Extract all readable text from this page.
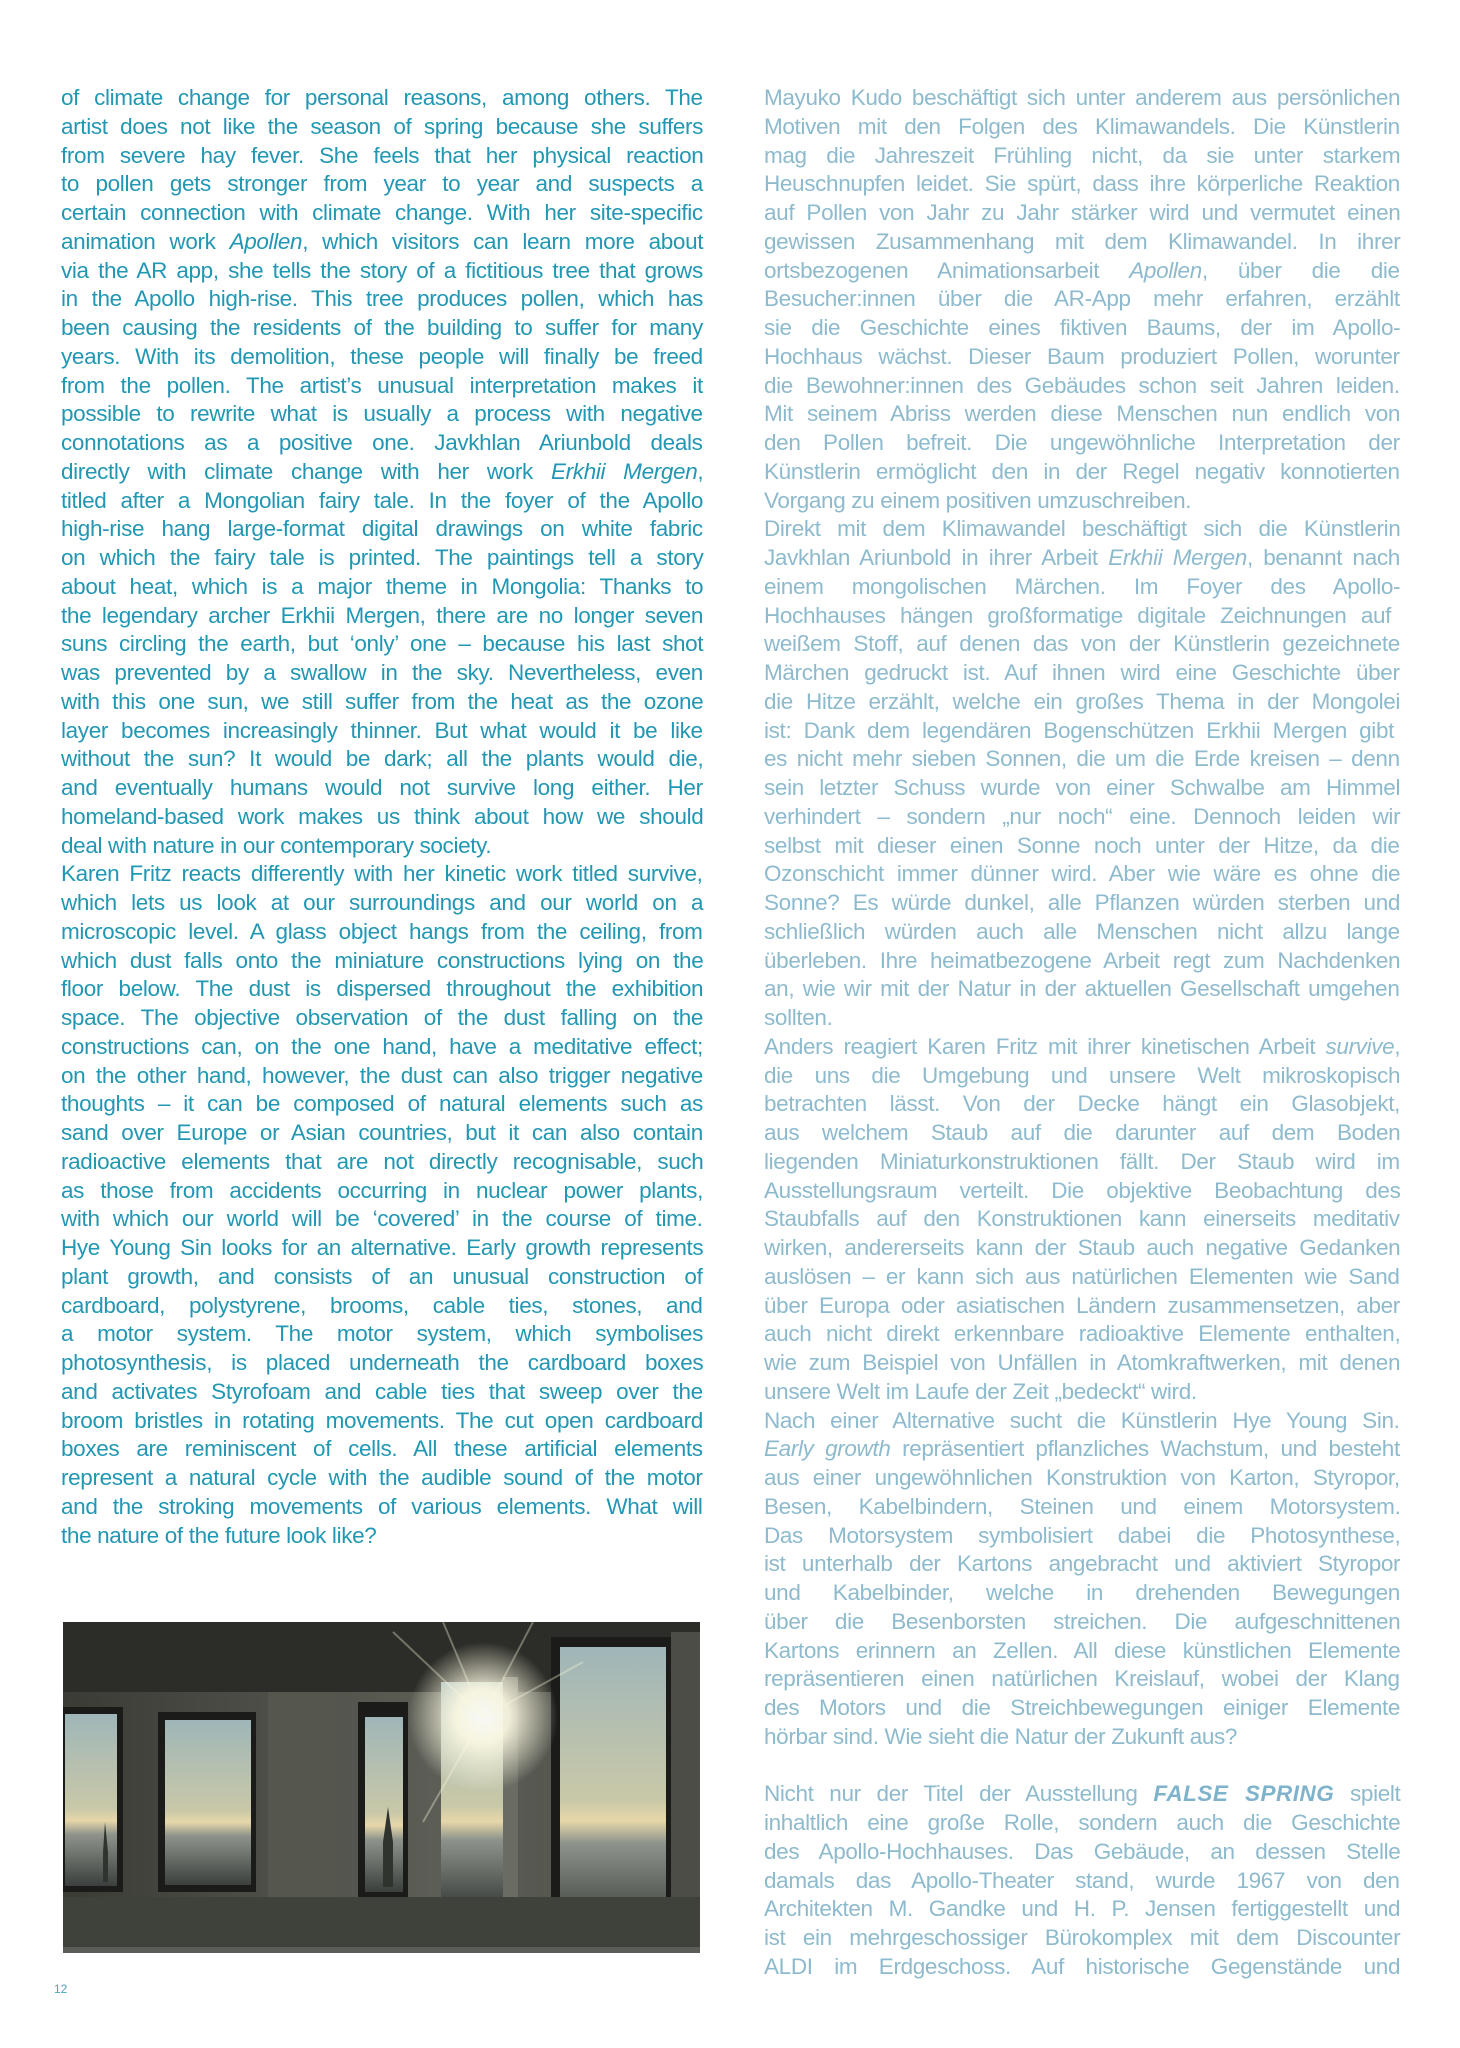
of climate change for personal reasons, among others. The
artist does not like the season of spring because she suffers
from severe hay fever. She feels that her physical reaction
to pollen gets stronger from year to year and suspects a
certain connection with climate change. With her site-specific
animation work Apollen, which visitors can learn more about
via the AR app, she tells the story of a fictitious tree that grows
in the Apollo high-rise. This tree produces pollen, which has
been causing the residents of the building to suffer for many
years. With its demolition, these people will finally be freed
from the pollen. The artist’s unusual interpretation makes it
possible to rewrite what is usually a process with negative
connotations as a positive one. Javkhlan Ariunbold deals
directly with climate change with her work Erkhii Mergen,
titled after a Mongolian fairy tale. In the foyer of the Apollo
high-rise hang large-format digital drawings on white fabric
on which the fairy tale is printed. The paintings tell a story
about heat, which is a major theme in Mongolia: Thanks to
the legendary archer Erkhii Mergen, there are no longer seven
suns circling the earth, but ‘only’ one – because his last shot
was prevented by a swallow in the sky. Nevertheless, even
with this one sun, we still suffer from the heat as the ozone
layer becomes increasingly thinner. But what would it be like
without the sun? It would be dark; all the plants would die,
and eventually humans would not survive long either. Her
homeland-based work makes us think about how we should
deal with nature in our contemporary society.
Karen Fritz reacts differently with her kinetic work titled survive,
which lets us look at our surroundings and our world on a
microscopic level. A glass object hangs from the ceiling, from
which dust falls onto the miniature constructions lying on the
floor below. The dust is dispersed throughout the exhibition
space. The objective observation of the dust falling on the
constructions can, on the one hand, have a meditative effect;
on the other hand, however, the dust can also trigger negative
thoughts – it can be composed of natural elements such as
sand over Europe or Asian countries, but it can also contain
radioactive elements that are not directly recognisable, such
as those from accidents occurring in nuclear power plants,
with which our world will be ‘covered’ in the course of time.
Hye Young Sin looks for an alternative. Early growth represents
plant growth, and consists of an unusual construction of
cardboard, polystyrene, brooms, cable ties, stones, and
a motor system. The motor system, which symbolises
photosynthesis, is placed underneath the cardboard boxes
and activates Styrofoam and cable ties that sweep over the
broom bristles in rotating movements. The cut open cardboard
boxes are reminiscent of cells. All these artificial elements
represent a natural cycle with the audible sound of the motor
and the stroking movements of various elements. What will
the nature of the future look like?
Mayuko Kudo beschäftigt sich unter anderem aus persönlichen
Motiven mit den Folgen des Klimawandels. Die Künstlerin
mag die Jahreszeit Frühling nicht, da sie unter starkem
Heuschnupfen leidet. Sie spürt, dass ihre körperliche Reaktion
auf Pollen von Jahr zu Jahr stärker wird und vermutet einen
gewissen Zusammenhang mit dem Klimawandel. In ihrer
ortsbezogenen Animationsarbeit Apollen, über die die
Besucher:innen über die AR-App mehr erfahren, erzählt
sie die Geschichte eines fiktiven Baums, der im Apollo-
Hochhaus wächst. Dieser Baum produziert Pollen, worunter
die Bewohner:innen des Gebäudes schon seit Jahren leiden.
Mit seinem Abriss werden diese Menschen nun endlich von
den Pollen befreit. Die ungewöhnliche Interpretation der
Künstlerin ermöglicht den in der Regel negativ konnotierten
Vorgang zu einem positiven umzuschreiben.
Direkt mit dem Klimawandel beschäftigt sich die Künstlerin
Javkhlan Ariunbold in ihrer Arbeit Erkhii Mergen, benannt nach
einem mongolischen Märchen. Im Foyer des Apollo-
Hochhauses hängen großformatige digitale Zeichnungen auf
weißem Stoff, auf denen das von der Künstlerin gezeichnete
Märchen gedruckt ist. Auf ihnen wird eine Geschichte über
die Hitze erzählt, welche ein großes Thema in der Mongolei
ist: Dank dem legendären Bogenschützen Erkhii Mergen gibt
es nicht mehr sieben Sonnen, die um die Erde kreisen – denn
sein letzter Schuss wurde von einer Schwalbe am Himmel
verhindert – sondern „nur noch“ eine. Dennoch leiden wir
selbst mit dieser einen Sonne noch unter der Hitze, da die
Ozonschicht immer dünner wird. Aber wie wäre es ohne die
Sonne? Es würde dunkel, alle Pflanzen würden sterben und
schließlich würden auch alle Menschen nicht allzu lange
überleben. Ihre heimatbezogene Arbeit regt zum Nachdenken
an, wie wir mit der Natur in der aktuellen Gesellschaft umgehen
sollten.
Anders reagiert Karen Fritz mit ihrer kinetischen Arbeit survive,
die uns die Umgebung und unsere Welt mikroskopisch
betrachten lässt. Von der Decke hängt ein Glasobjekt,
aus welchem Staub auf die darunter auf dem Boden
liegenden Miniaturkonstruktionen fällt. Der Staub wird im
Ausstellungsraum verteilt. Die objektive Beobachtung des
Staubfalls auf den Konstruktionen kann einerseits meditativ
wirken, andererseits kann der Staub auch negative Gedanken
auslösen – er kann sich aus natürlichen Elementen wie Sand
über Europa oder asiatischen Ländern zusammensetzen, aber
auch nicht direkt erkennbare radioaktive Elemente enthalten,
wie zum Beispiel von Unfällen in Atomkraftwerken, mit denen
unsere Welt im Laufe der Zeit „bedeckt“ wird.
Nach einer Alternative sucht die Künstlerin Hye Young Sin.
Early growth repräsentiert pflanzliches Wachstum, und besteht
aus einer ungewöhnlichen Konstruktion von Karton, Styropor,
Besen, Kabelbindern, Steinen und einem Motorsystem.
Das Motorsystem symbolisiert dabei die Photosynthese,
ist unterhalb der Kartons angebracht und aktiviert Styropor
und Kabelbinder, welche in drehenden Bewegungen
über die Besenborsten streichen. Die aufgeschnittenen
Kartons erinnern an Zellen. All diese künstlichen Elemente
repräsentieren einen natürlichen Kreislauf, wobei der Klang
des Motors und die Streichbewegungen einiger Elemente
hörbar sind. Wie sieht die Natur der Zukunft aus?
Nicht nur der Titel der Ausstellung FALSE SPRING spielt
inhaltlich eine große Rolle, sondern auch die Geschichte
des Apollo-Hochhauses. Das Gebäude, an dessen Stelle
damals das Apollo-Theater stand, wurde 1967 von den
Architekten M. Gandke und H. P. Jensen fertiggestellt und
ist ein mehrgeschossiger Bürokomplex mit dem Discounter
ALDI im Erdgeschoss. Auf historische Gegenstände und
12
